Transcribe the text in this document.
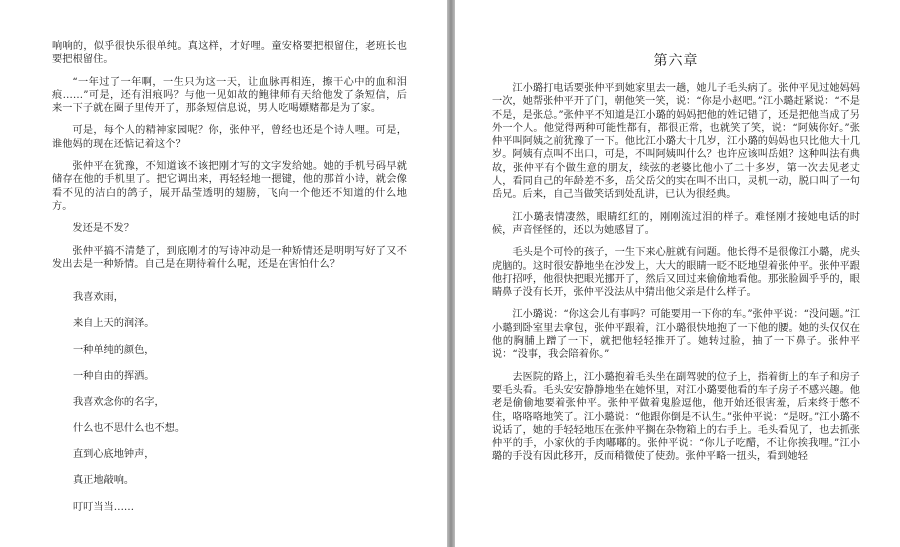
响响的，似乎很快乐很单纯。真这样，才好哩。童安格要把根留住，老班长也要把根留住。

“一年过了一年啊，一生只为这一天，让血脉再相连，擦干心中的血和泪痕……”可是，还有泪痕吗？与他一见如故的鲍律师有天给他发了条短信，后来一下子就在圈子里传开了，那条短信息说，男人吃喝嫖赌都是为了家。

可是，每个人的精神家园呢？你，张仲平，曾经也还是个诗人哩。可是，谁他妈的现在还惦记着这个？

张仲平在犹豫，不知道该不该把刚才写的文字发给她。她的手机号码早就储存在他的手机里了。把它调出来，再轻轻地一摁键，他的那首小诗，就会像看不见的洁白的鸽子，展开晶莹透明的翅膀，飞向一个他还不知道的什么地方。

发还是不发？

张仲平搞不清楚了，到底刚才的写诗冲动是一种矫情还是明明写好了又不发出去是一种矫情。自己是在期待着什么呢，还是在害怕什么？

我喜欢雨，
来自上天的润泽。
一种单纯的颜色，
一种自由的挥洒。
我喜欢念你的名字，
什么也不思什么也不想。
直到心底地钟声，
真正地敲响。
叮叮当当……
第六章

江小璐打电话要张仲平到她家里去一趟，她儿子毛头病了。张仲平见过她妈妈一次，她帮张仲平开了门，朝他笑一笑，说：“你是小赵吧。”江小璐赶紧说：“不是不是，是张总。”张仲平不知道是江小璐的妈妈把他的姓记错了，还是把他当成了另外一个人。他觉得两种可能性都有，都很正常，也就笑了笑，说：“阿姨你好。”张仲平叫阿姨之前犹豫了一下。他比江小璐大十几岁，江小璐的妈妈也只比他大十几岁。阿姨有点叫不出口，可是，不叫阿姨叫什么？也许应该叫岳姐？这种叫法有典故，张仲平有个做生意的朋友，续弦的老婆比他小了二十多岁，第一次去见老丈人，看同自己的年龄差不多，岳父岳父的实在叫不出口，灵机一动，脱口叫了一句岳兄。后来，自己当做笑话到处乱讲，已认为很经典。

江小璐表情凄然，眼睛红红的，刚刚流过泪的样子。难怪刚才接她电话的时候，声音怪怪的，还以为她感冒了。

毛头是个可怜的孩子，一生下来心脏就有问题。他长得不是很像江小璐，虎头虎脑的。这时很安静地坐在沙发上，大大的眼睛一眨不眨地望着张仲平。张仲平跟他打招呼，他很快把眼光挪开了，然后又回过来偷偷地看他。那张脸圆乎乎的，眼睛鼻子没有长开，张仲平没法从中猜出他父亲是什么样子。

江小璐说：“你这会儿有事吗？可能要用一下你的车。”张仲平说：“没问题。”江小璐到卧室里去拿包，张仲平跟着，江小璐很快地抱了一下他的腰。她的头仅仅在他的胸脯上蹭了一下，就把他轻轻推开了。她转过脸，抽了一下鼻子。张仲平说：“没事，我会陪着你。”

去医院的路上，江小璐抱着毛头坐在副驾驶的位子上，指着街上的车子和房子要毛头看。毛头安安静静地坐在她怀里，对江小璐要他看的车子房子不感兴趣。他老是偷偷地要着张仲平。张仲平做着鬼脸逗他，他开始还很害羞，后来终于憋不住，咯咯咯地笑了。江小璐说：“他跟你倒是不认生。”张仲平说：“是呀。”江小璐不说话了，她的手轻轻地压在张仲平搁在杂物箱上的右手上。毛头看见了，也去抓张仲平的手，小家伙的手肉嘟嘟的。张仲平说：“你儿子吃醋，不让你挨我哩。”江小璐的手没有因此移开，反而稍微使了使劲。张仲平略一扭头，看到她轻
